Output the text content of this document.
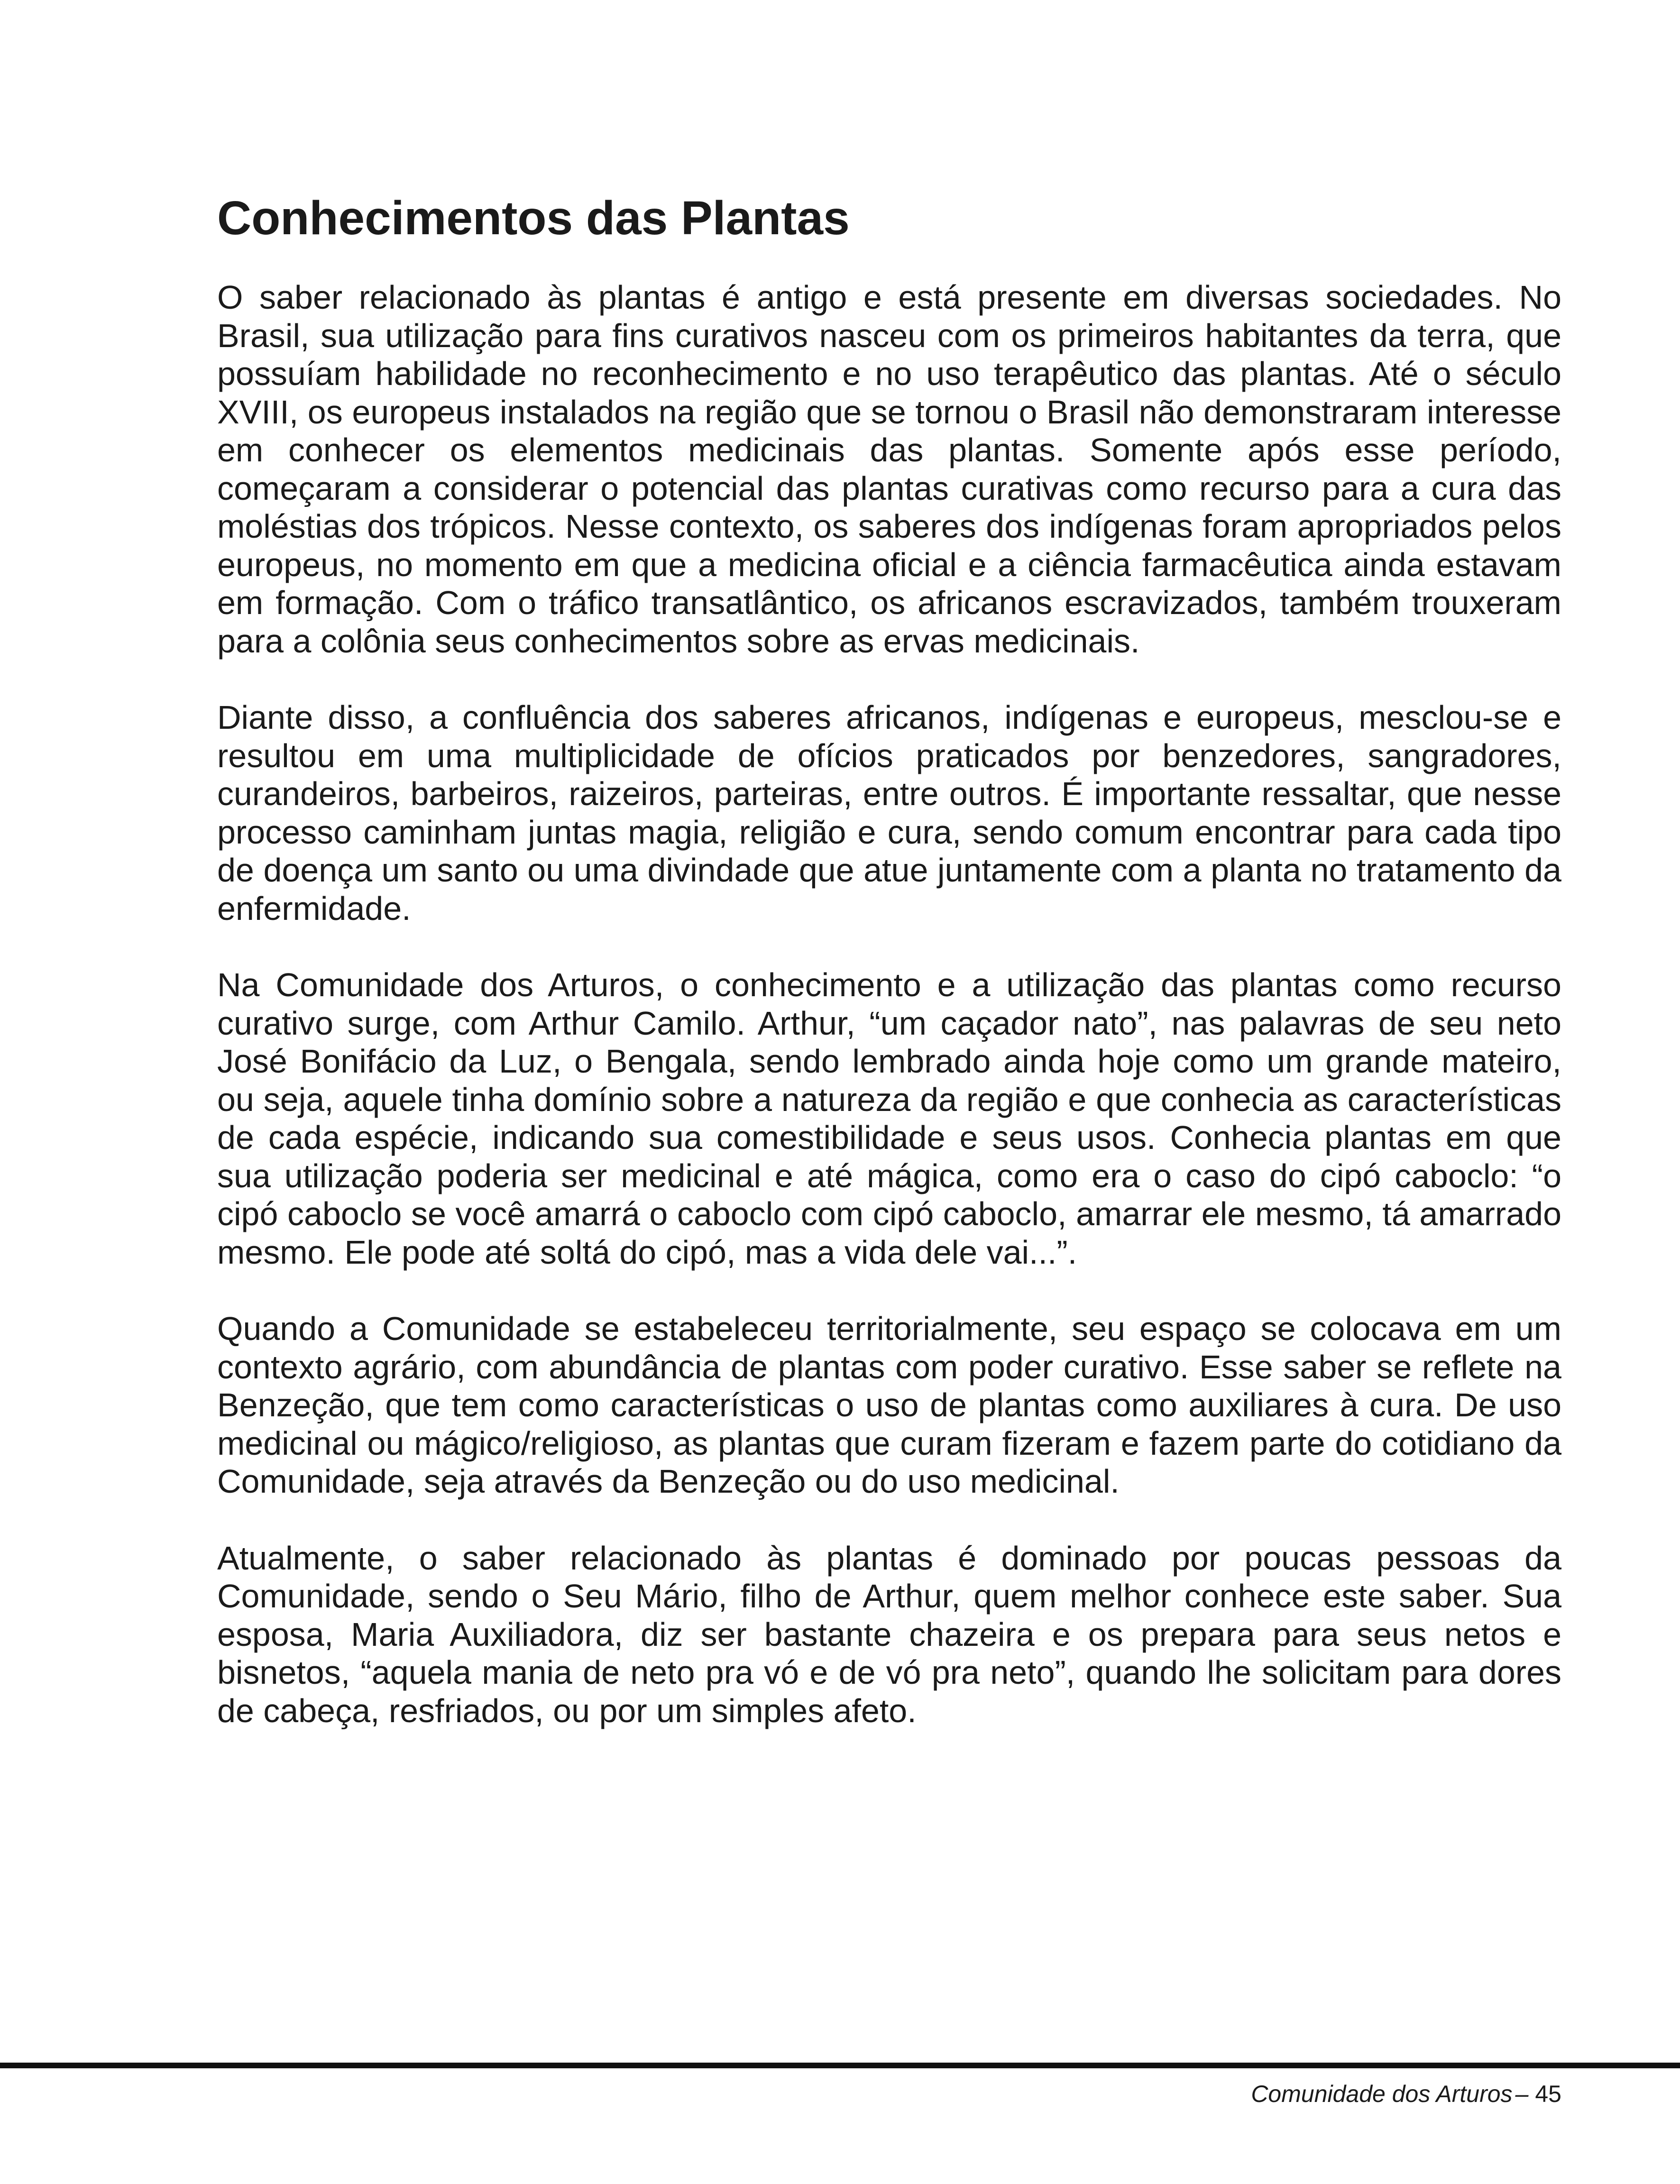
Conhecimentos das Plantas

O saber relacionado às plantas é antigo e está presente em diversas sociedades. No Brasil, sua utilização para fins curativos nasceu com os primeiros habitantes da terra, que possuíam habilidade no reconhecimento e no uso terapêutico das plantas. Até o século XVIII, os europeus instalados na região que se tornou o Brasil não demonstraram interesse em conhecer os elementos medicinais das plantas. Somente após esse período, começaram a considerar o potencial das plantas curativas como recurso para a cura das moléstias dos trópicos. Nesse contexto, os saberes dos indígenas foram apropriados pelos europeus, no momento em que a medicina oficial e a ciência farmacêutica ainda estavam em formação. Com o tráfico transatlântico, os africanos escravizados, também trouxeram para a colônia seus conhecimentos sobre as ervas medicinais.

Diante disso, a confluência dos saberes africanos, indígenas e europeus, mesclou-se e resultou em uma multiplicidade de ofícios praticados por benzedores, sangradores, curandeiros, barbeiros, raizeiros, parteiras, entre outros. É importante ressaltar, que nesse processo caminham juntas magia, religião e cura, sendo comum encontrar para cada tipo de doença um santo ou uma divindade que atue juntamente com a planta no tratamento da enfermidade.

Na Comunidade dos Arturos, o conhecimento e a utilização das plantas como recurso curativo surge, com Arthur Camilo. Arthur, “um caçador nato”, nas palavras de seu neto José Bonifácio da Luz, o Bengala, sendo lembrado ainda hoje como um grande mateiro, ou seja, aquele tinha domínio sobre a natureza da região e que conhecia as características de cada espécie, indicando sua comestibilidade e seus usos. Conhecia plantas em que sua utilização poderia ser medicinal e até mágica, como era o caso do cipó caboclo: “o cipó caboclo se você amarrá o caboclo com cipó caboclo, amarrar ele mesmo, tá amarrado mesmo. Ele pode até soltá do cipó, mas a vida dele vai...”.

Quando a Comunidade se estabeleceu territorialmente, seu espaço se colocava em um contexto agrário, com abundância de plantas com poder curativo. Esse saber se reflete na Benzeção, que tem como características o uso de plantas como auxiliares à cura. De uso medicinal ou mágico/religioso, as plantas que curam fizeram e fazem parte do cotidiano da Comunidade, seja através da Benzeção ou do uso medicinal.

Atualmente, o saber relacionado às plantas é dominado por poucas pessoas da Comunidade, sendo o Seu Mário, filho de Arthur, quem melhor conhece este saber. Sua esposa, Maria Auxiliadora, diz ser bastante chazeira e os prepara para seus netos e bisnetos, “aquela mania de neto pra vó e de vó pra neto”, quando lhe solicitam para dores de cabeça, resfriados, ou por um simples afeto.

Comunidade dos Arturos – 45
